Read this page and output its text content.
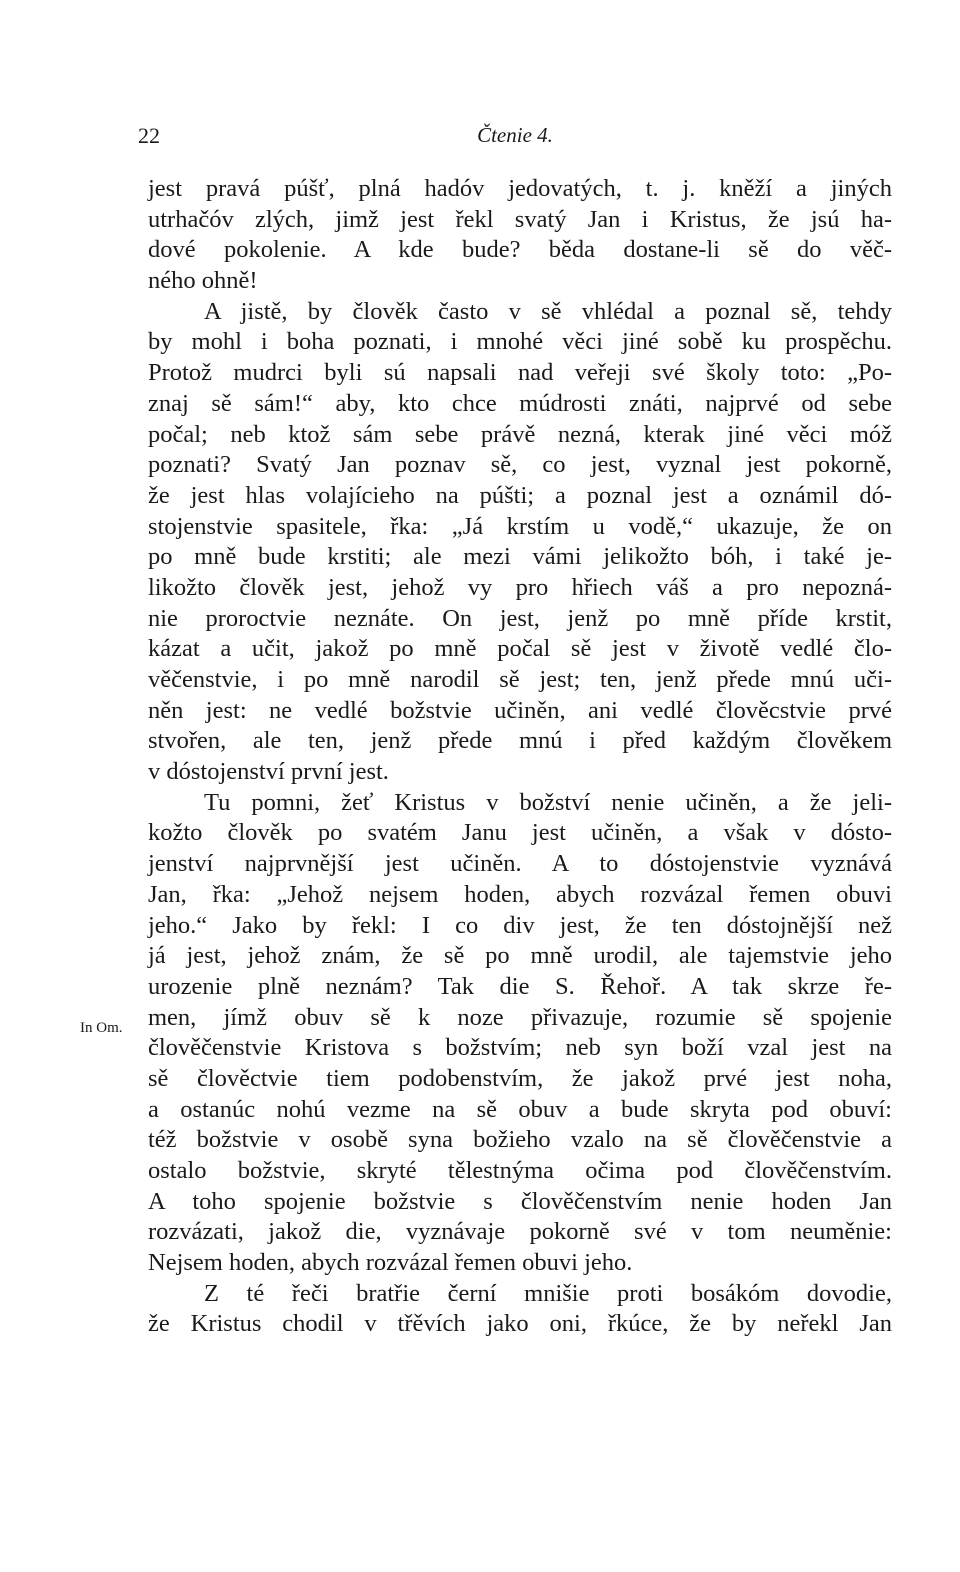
22	Čtenie 4.
In Om.
jest pravá púšť, plná hadóv jedovatých, t. j. kněží a jiných
utrhačóv zlých, jimž jest řekl svatý Jan i Kristus, že jsú ha-
dové pokolenie. A kde bude? běda dostane-li sě do věč-
ného ohně!
A jistě, by člověk často v sě vhlédal a poznal sě, tehdy
by mohl i boha poznati, i mnohé věci jiné sobě ku prospěchu.
Protož mudrci byli sú napsali nad veřeji své školy toto: „Po-
znaj sě sám!“ aby, kto chce múdrosti znáti, najprvé od sebe
počal; neb ktož sám sebe právě nezná, kterak jiné věci móž
poznati? Svatý Jan poznav sě, co jest, vyznal jest pokorně,
že jest hlas volajícieho na púšti; a poznal jest a oznámil dó-
stojenstvie spasitele, řka: „Já krstím u vodě,“ ukazuje, že on
po mně bude krstiti; ale mezi vámi jelikožto bóh, i také je-
likožto člověk jest, jehož vy pro hřiech váš a pro nepozná-
nie proroctvie neznáte. On jest, jenž po mně příde krstit,
kázat a učit, jakož po mně počal sě jest v životě vedlé člo-
věčenstvie, i po mně narodil sě jest; ten, jenž přede mnú uči-
něn jest: ne vedlé božstvie učiněn, ani vedlé člověcstvie prvé
stvořen, ale ten, jenž přede mnú i před každým člověkem
v dóstojenství první jest.
Tu pomni, žeť Kristus v božství nenie učiněn, a že jeli-
kožto člověk po svatém Janu jest učiněn, a však v dósto-
jenství najprvnější jest učiněn. A to dóstojenstvie vyznává
Jan, řka: „Jehož nejsem hoden, abych rozvázal řemen obuvi
jeho.“ Jako by řekl: I co div jest, že ten dóstojnější než
já jest, jehož znám, že sě po mně urodil, ale tajemstvie jeho
urozenie plně neznám? Tak die S. Řehoř. A tak skrze ře-
men, jímž obuv sě k noze přivazuje, rozumie sě spojenie
člověčenstvie Kristova s božstvím; neb syn boží vzal jest na
sě člověctvie tiem podobenstvím, že jakož prvé jest noha,
a ostanúc nohú vezme na sě obuv a bude skryta pod obuví:
též božstvie v osobě syna božieho vzalo na sě člověčenstvie a
ostalo božstvie, skryté tělestnýma očima pod člověčenstvím.
A toho spojenie božstvie s člověčenstvím nenie hoden Jan
rozvázati, jakož die, vyznávaje pokorně své v tom neuměnie:
Nejsem hoden, abych rozvázal řemen obuvi jeho.
Z té řeči bratřie černí mnišie proti bosákóm dovodie,
že Kristus chodil v třěvích jako oni, řkúce, že by neřekl Jan
